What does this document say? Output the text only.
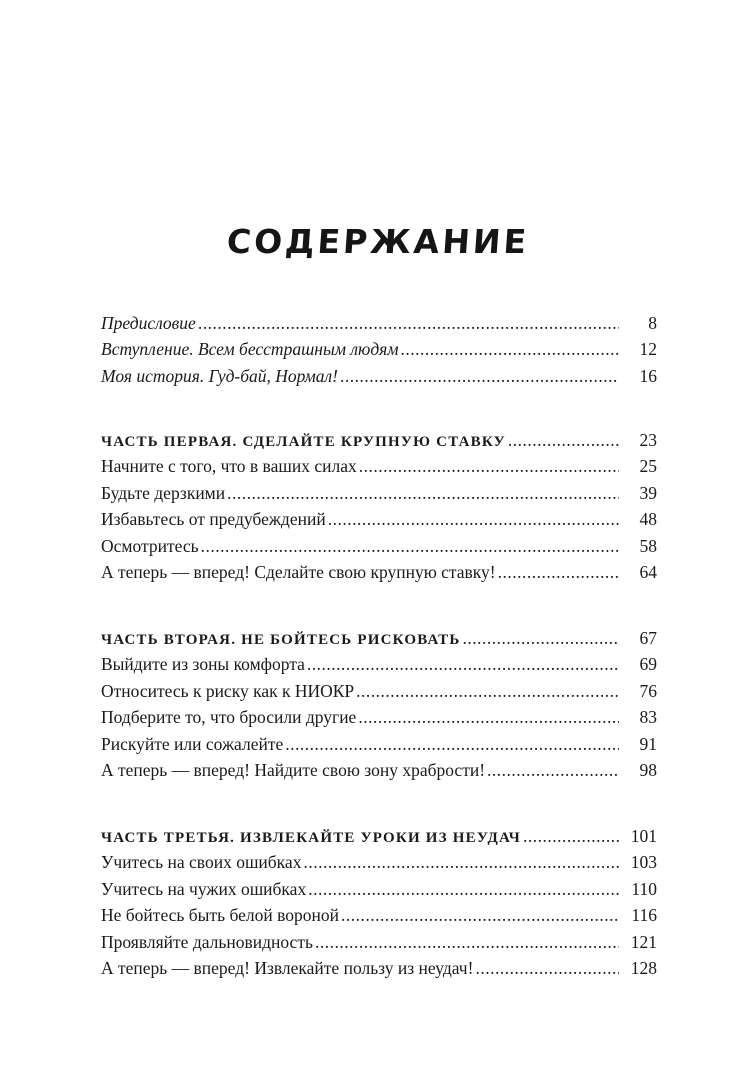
СОДЕРЖАНИЕ
Предисловие .....	8
Вступление. Всем бесстрашным людям .....	12
Моя история. Гуд-бай, Нормал! .....	16
ЧАСТЬ ПЕРВАЯ. СДЕЛАЙТЕ КРУПНУЮ СТАВКУ .....	23
Начните с того, что в ваших силах .....	25
Будьте дерзкими .....	39
Избавьтесь от предубеждений .....	48
Осмотритесь .....	58
А теперь — вперед! Сделайте свою крупную ставку! .....	64
ЧАСТЬ ВТОРАЯ. НЕ БОЙТЕСЬ РИСКОВАТЬ .....	67
Выйдите из зоны комфорта .....	69
Относитесь к риску как к НИОКР .....	76
Подберите то, что бросили другие .....	83
Рискуйте или сожалейте .....	91
А теперь — вперед! Найдите свою зону храбрости! .....	98
ЧАСТЬ ТРЕТЬЯ. ИЗВЛЕКАЙТЕ УРОКИ ИЗ НЕУДАЧ .....	101
Учитесь на своих ошибках .....	103
Учитесь на чужих ошибках .....	110
Не бойтесь быть белой вороной .....	116
Проявляйте дальновидность .....	121
А теперь — вперед! Извлекайте пользу из неудач! .....	128
